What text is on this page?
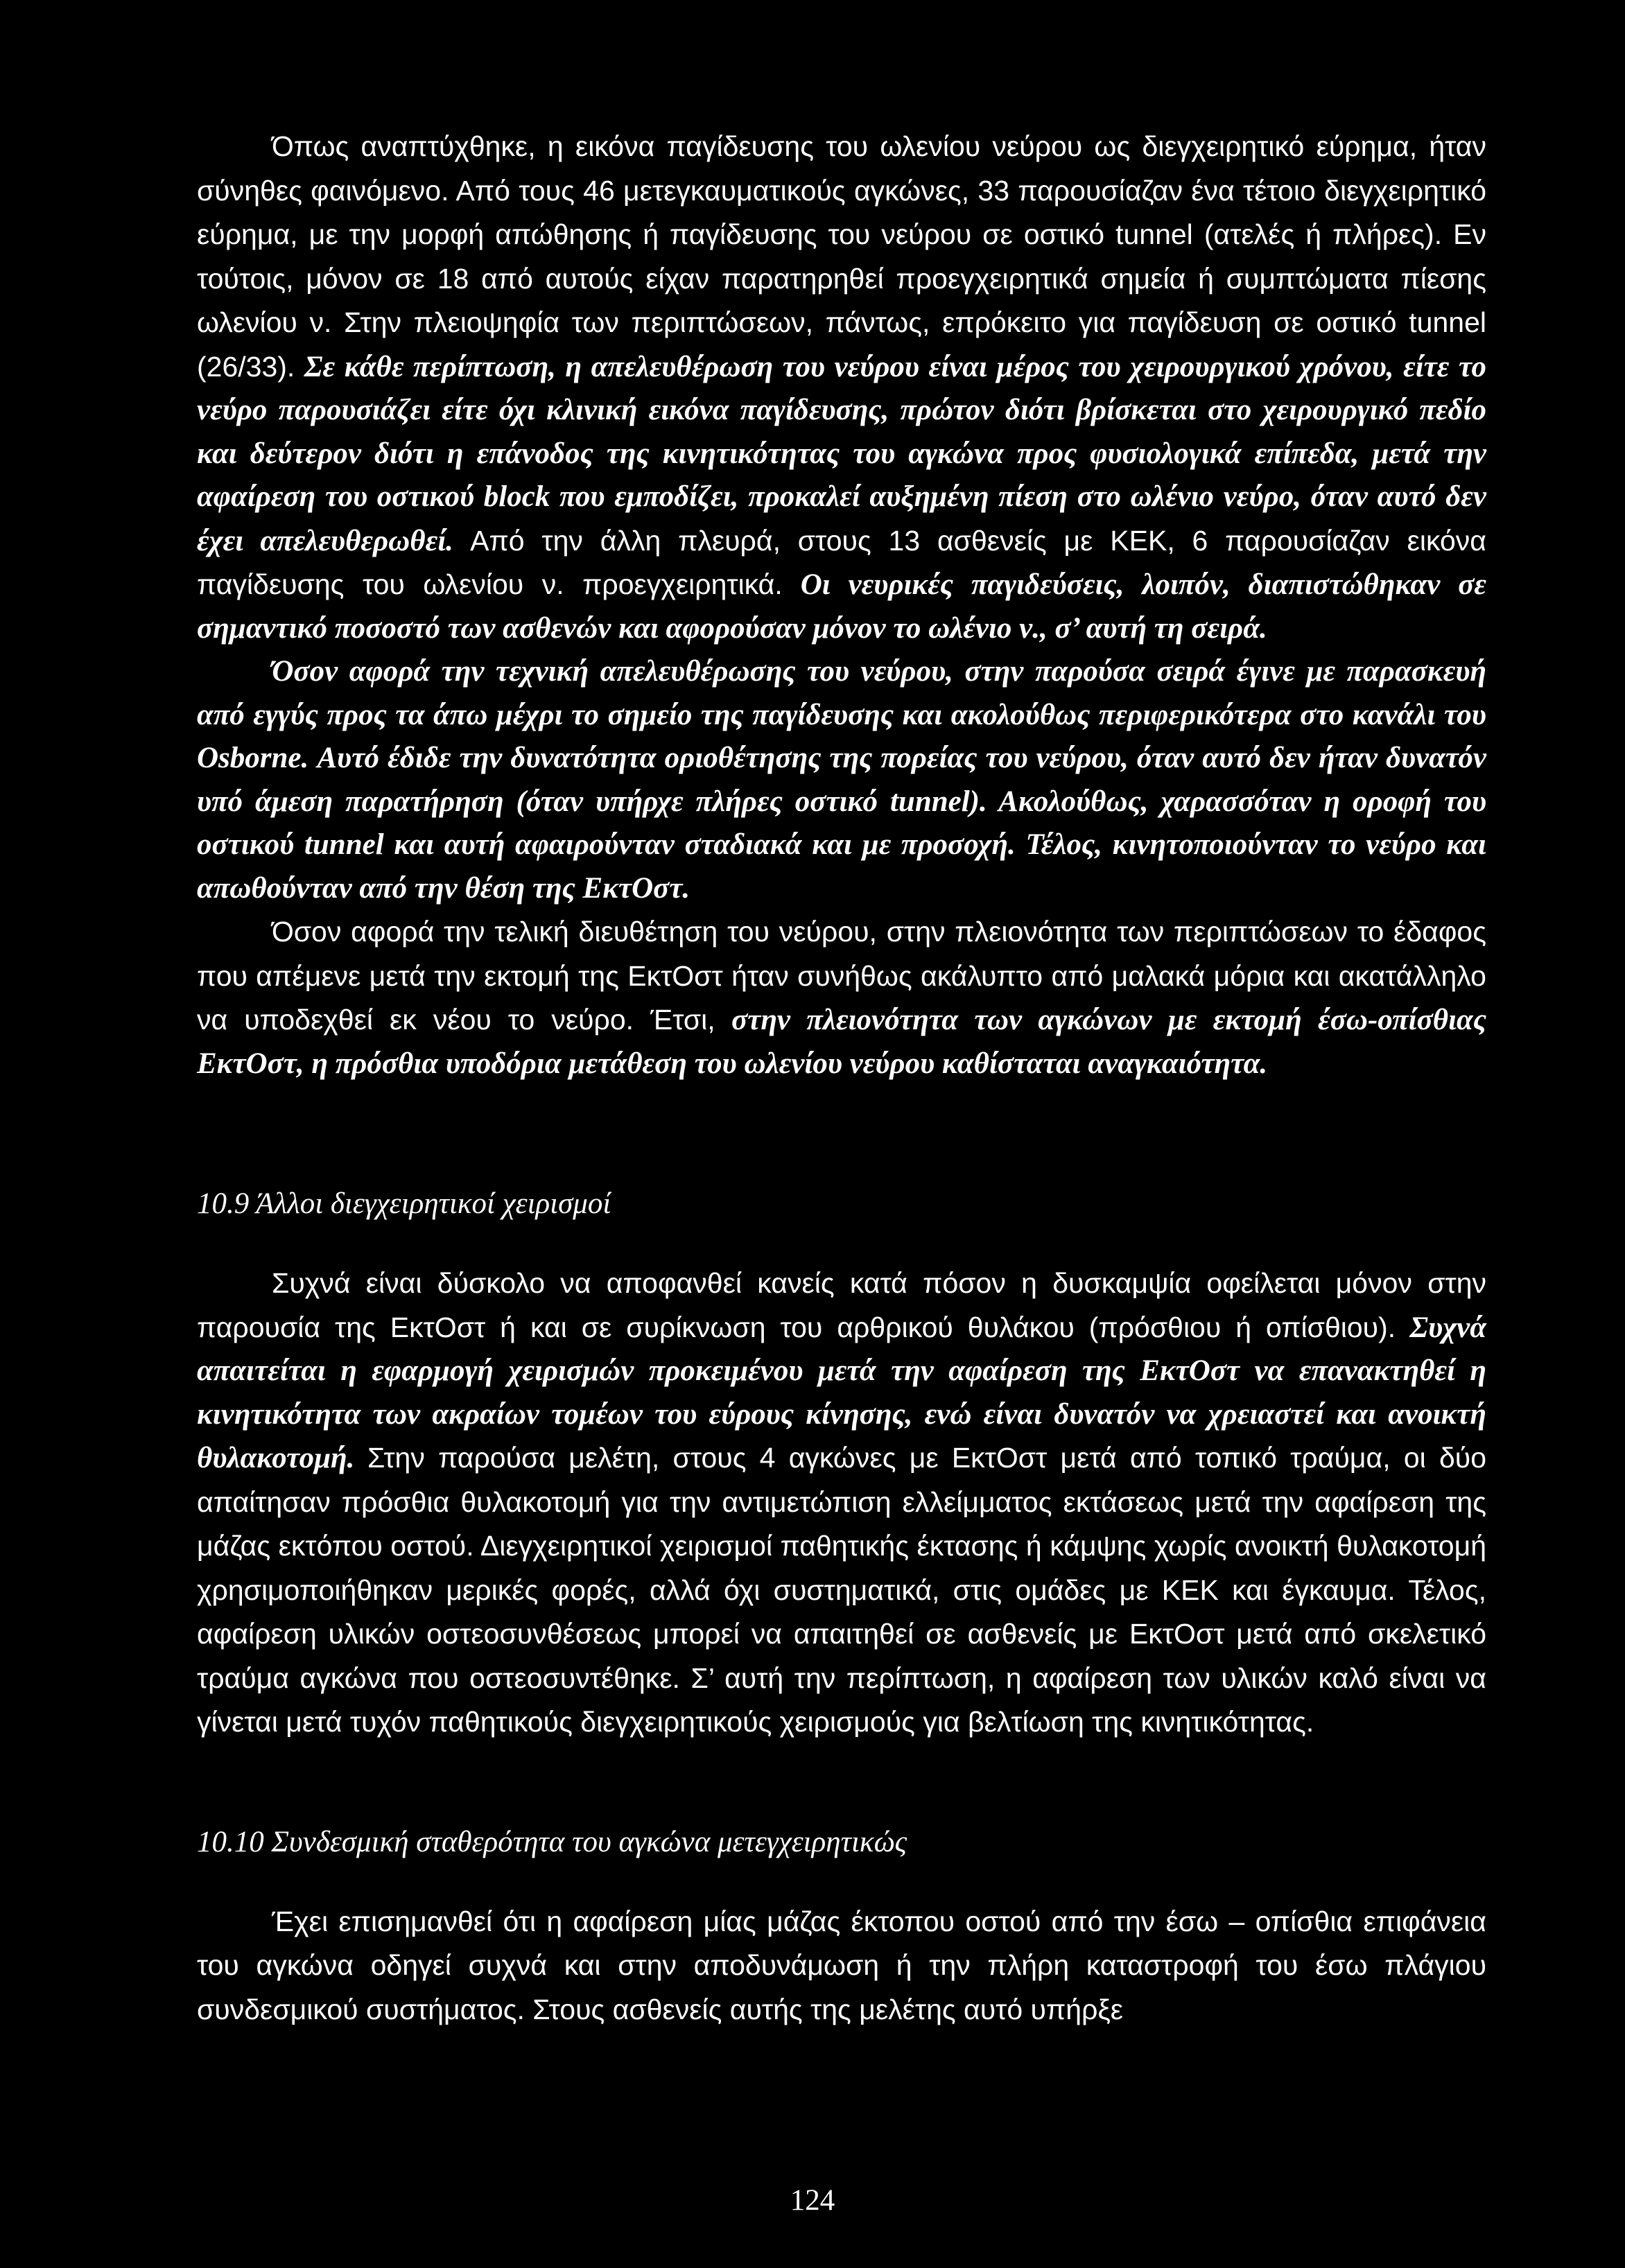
Όπως αναπτύχθηκε, η εικόνα παγίδευσης του ωλενίου νεύρου ως διεγχειρητικό εύρημα, ήταν σύνηθες φαινόμενο. Από τους 46 μετεγκαυματικούς αγκώνες, 33 παρουσίαζαν ένα τέτοιο διεγχειρητικό εύρημα, με την μορφή απώθησης ή παγίδευσης του νεύρου σε οστικό tunnel (ατελές ή πλήρες). Εν τούτοις, μόνον σε 18 από αυτούς είχαν παρατηρηθεί προεγχειρητικά σημεία ή συμπτώματα πίεσης ωλενίου ν. Στην πλειοψηφία των περιπτώσεων, πάντως, επρόκειτο για παγίδευση σε οστικό tunnel (26/33). Σε κάθε περίπτωση, η απελευθέρωση του νεύρου είναι μέρος του χειρουργικού χρόνου, είτε το νεύρο παρουσιάζει είτε όχι κλινική εικόνα παγίδευσης, πρώτον διότι βρίσκεται στο χειρουργικό πεδίο και δεύτερον διότι η επάνοδος της κινητικότητας του αγκώνα προς φυσιολογικά επίπεδα, μετά την αφαίρεση του οστικού block που εμποδίζει, προκαλεί αυξημένη πίεση στο ωλένιο νεύρο, όταν αυτό δεν έχει απελευθερωθεί. Από την άλλη πλευρά, στους 13 ασθενείς με ΚΕΚ, 6 παρουσίαζαν εικόνα παγίδευσης του ωλενίου ν. προεγχειρητικά. Οι νευρικές παγιδεύσεις, λοιπόν, διαπιστώθηκαν σε σημαντικό ποσοστό των ασθενών και αφορούσαν μόνον το ωλένιο ν., σ’ αυτή τη σειρά.

Όσον αφορά την τεχνική απελευθέρωσης του νεύρου, στην παρούσα σειρά έγινε με παρασκευή από εγγύς προς τα άπω μέχρι το σημείο της παγίδευσης και ακολούθως περιφερικότερα στο κανάλι του Osborne. Αυτό έδιδε την δυνατότητα οριοθέτησης της πορείας του νεύρου, όταν αυτό δεν ήταν δυνατόν υπό άμεση παρατήρηση (όταν υπήρχε πλήρες οστικό tunnel). Ακολούθως, χαρασσόταν η οροφή του οστικού tunnel και αυτή αφαιρούνταν σταδιακά και με προσοχή. Τέλος, κινητοποιούνταν το νεύρο και απωθούνταν από την θέση της ΕκτΟστ.

Όσον αφορά την τελική διευθέτηση του νεύρου, στην πλειονότητα των περιπτώσεων το έδαφος που απέμενε μετά την εκτομή της ΕκτΟστ ήταν συνήθως ακάλυπτο από μαλακά μόρια και ακατάλληλο να υποδεχθεί εκ νέου το νεύρο. Έτσι, στην πλειονότητα των αγκώνων με εκτομή έσω-οπίσθιας ΕκτΟστ, η πρόσθια υποδόρια μετάθεση του ωλενίου νεύρου καθίσταται αναγκαιότητα.

10.9 Άλλοι διεγχειρητικοί χειρισμοί

Συχνά είναι δύσκολο να αποφανθεί κανείς κατά πόσον η δυσκαμψία οφείλεται μόνον στην παρουσία της ΕκτΟστ ή και σε συρίκνωση του αρθρικού θυλάκου (πρόσθιου ή οπίσθιου). Συχνά απαιτείται η εφαρμογή χειρισμών προκειμένου μετά την αφαίρεση της ΕκτΟστ να επανακτηθεί η κινητικότητα των ακραίων τομέων του εύρους κίνησης, ενώ είναι δυνατόν να χρειαστεί και ανοικτή θυλακοτομή. Στην παρούσα μελέτη, στους 4 αγκώνες με ΕκτΟστ μετά από τοπικό τραύμα, οι δύο απαίτησαν πρόσθια θυλακοτομή για την αντιμετώπιση ελλείμματος εκτάσεως μετά την αφαίρεση της μάζας εκτόπου οστού. Διεγχειρητικοί χειρισμοί παθητικής έκτασης ή κάμψης χωρίς ανοικτή θυλακοτομή χρησιμοποιήθηκαν μερικές φορές, αλλά όχι συστηματικά, στις ομάδες με ΚΕΚ και έγκαυμα. Τέλος, αφαίρεση υλικών οστεοσυνθέσεως μπορεί να απαιτηθεί σε ασθενείς με ΕκτΟστ μετά από σκελετικό τραύμα αγκώνα που οστεοσυντέθηκε. Σ’ αυτή την περίπτωση, η αφαίρεση των υλικών καλό είναι να γίνεται μετά τυχόν παθητικούς διεγχειρητικούς χειρισμούς για βελτίωση της κινητικότητας.

10.10 Συνδεσμική σταθερότητα του αγκώνα μετεγχειρητικώς

Έχει επισημανθεί ότι η αφαίρεση μίας μάζας έκτοπου οστού από την έσω – οπίσθια επιφάνεια του αγκώνα οδηγεί συχνά και στην αποδυνάμωση ή την πλήρη καταστροφή του έσω πλάγιου συνδεσμικού συστήματος. Στους ασθενείς αυτής της μελέτης αυτό υπήρξε

124
